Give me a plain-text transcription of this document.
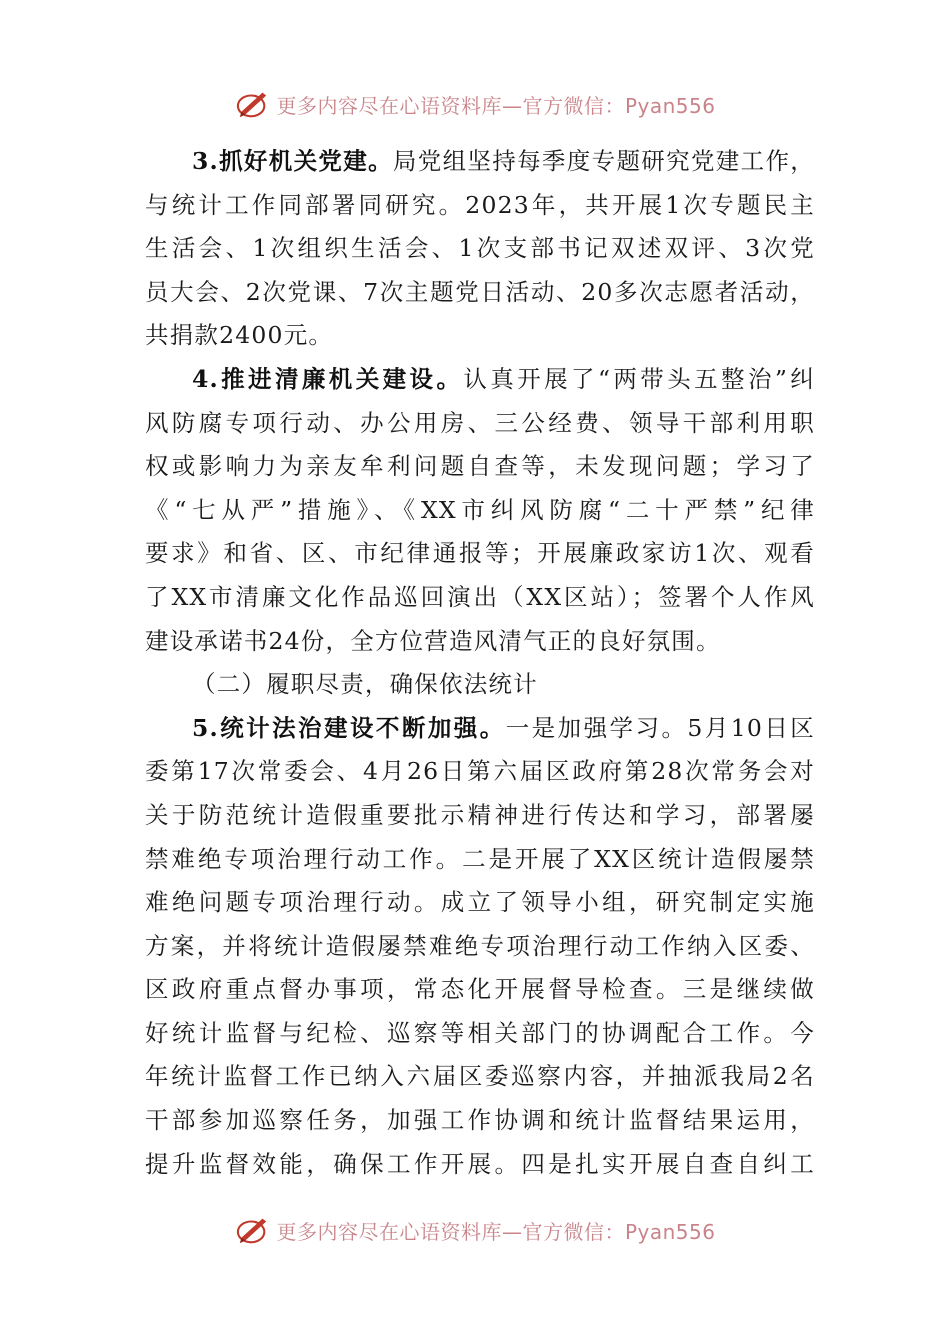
更多内容尽在心语资料库—官方微信：Pyan556
3.抓好机关党建。局党组坚持每季度专题研究党建工作，
与统计工作同部署同研究。2023年，共开展1次专题民主
生活会、1次组织生活会、1次支部书记双述双评、3次党
员大会、2次党课、7次主题党日活动、20多次志愿者活动，
共捐款2400元。
4.推进清廉机关建设。认真开展了“两带头五整治”纠
风防腐专项行动、办公用房、三公经费、领导干部利用职
权或影响力为亲友牟利问题自查等，未发现问题；学习了
《“七从严”措施》、《XX市纠风防腐“二十严禁”纪律
要求》和省、区、市纪律通报等；开展廉政家访1次、观看
了XX市清廉文化作品巡回演出（XX区站）；签署个人作风
建设承诺书24份，全方位营造风清气正的良好氛围。
（二）履职尽责，确保依法统计
5.统计法治建设不断加强。一是加强学习。5月10日区
委第17次常委会、4月26日第六届区政府第28次常务会对
关于防范统计造假重要批示精神进行传达和学习，部署屡
禁难绝专项治理行动工作。二是开展了XX区统计造假屡禁
难绝问题专项治理行动。成立了领导小组，研究制定实施
方案，并将统计造假屡禁难绝专项治理行动工作纳入区委、
区政府重点督办事项，常态化开展督导检查。三是继续做
好统计监督与纪检、巡察等相关部门的协调配合工作。今
年统计监督工作已纳入六届区委巡察内容，并抽派我局2名
干部参加巡察任务，加强工作协调和统计监督结果运用，
提升监督效能，确保工作开展。四是扎实开展自查自纠工
更多内容尽在心语资料库—官方微信：Pyan556
